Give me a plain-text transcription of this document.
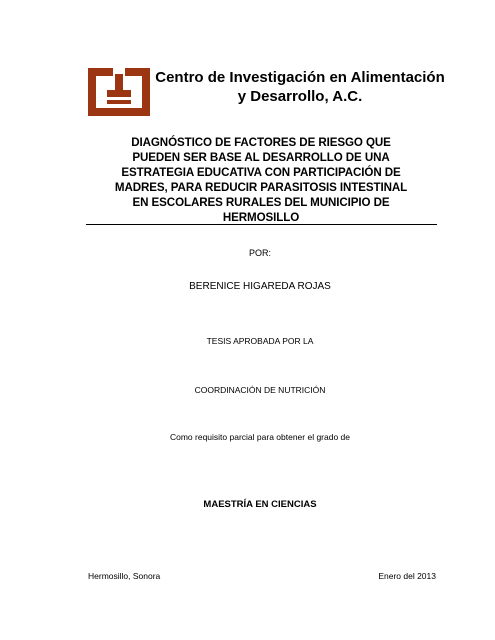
Centro de Investigación en Alimentación
y Desarrollo, A.C.
DIAGNÓSTICO DE FACTORES DE RIESGO QUE
PUEDEN SER BASE AL DESARROLLO DE UNA
ESTRATEGIA EDUCATIVA CON PARTICIPACIÓN DE
MADRES, PARA REDUCIR PARASITOSIS INTESTINAL
EN ESCOLARES RURALES DEL MUNICIPIO DE
HERMOSILLO
POR:
BERENICE HIGAREDA ROJAS
TESIS APROBADA POR LA
COORDINACIÓN DE NUTRICIÓN
Como requisito parcial para obtener el grado de
MAESTRÍA EN CIENCIAS
Hermosillo, Sonora	Enero del 2013
